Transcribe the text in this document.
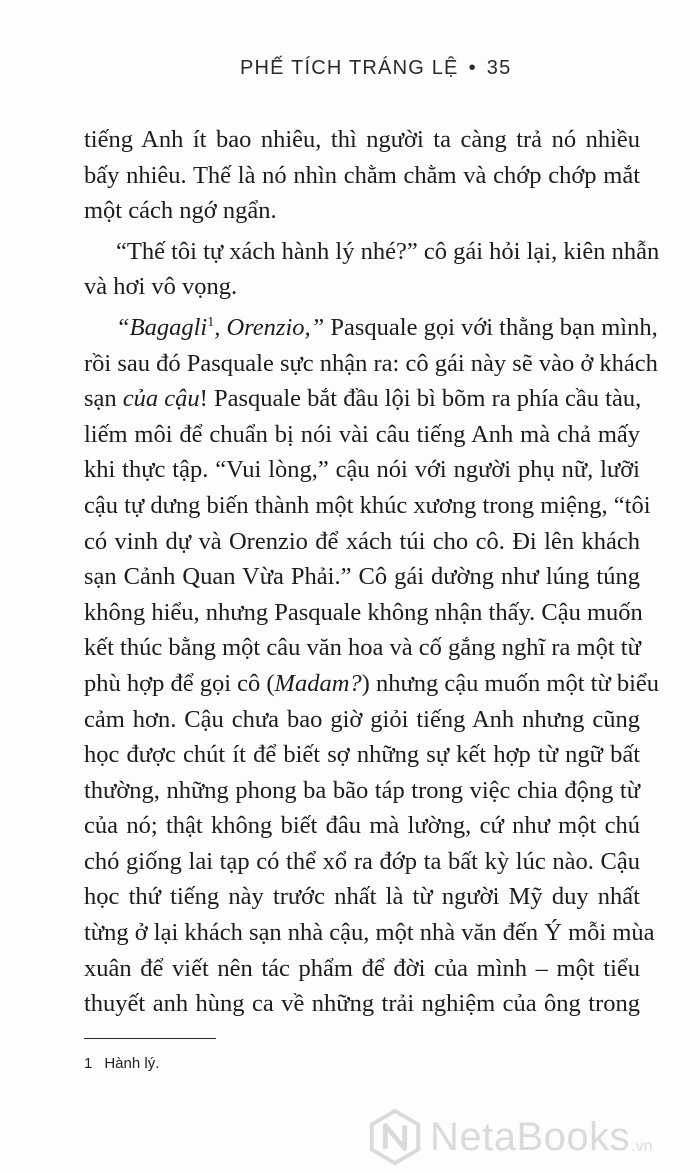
PHẾ TÍCH TRÁNG LỆ • 35

tiếng Anh ít bao nhiêu, thì người ta càng trả nó nhiều
bấy nhiêu. Thế là nó nhìn chằm chằm và chớp chớp mắt
một cách ngớ ngẩn.

“Thế tôi tự xách hành lý nhé?” cô gái hỏi lại, kiên nhẫn
và hơi vô vọng.

“Bagagli$^1$, Orenzio,” Pasquale gọi với thằng bạn mình,
rồi sau đó Pasquale sực nhận ra: cô gái này sẽ vào ở khách
sạn của cậu! Pasquale bắt đầu lội bì bõm ra phía cầu tàu,
liếm môi để chuẩn bị nói vài câu tiếng Anh mà chả mấy
khi thực tập. “Vui lòng,” cậu nói với người phụ nữ, lưỡi
cậu tự dưng biến thành một khúc xương trong miệng, “tôi
có vinh dự và Orenzio để xách túi cho cô. Đi lên khách
sạn Cảnh Quan Vừa Phải.” Cô gái dường như lúng túng
không hiểu, nhưng Pasquale không nhận thấy. Cậu muốn
kết thúc bằng một câu văn hoa và cố gắng nghĩ ra một từ
phù hợp để gọi cô (Madam?) nhưng cậu muốn một từ biểu
cảm hơn. Cậu chưa bao giờ giỏi tiếng Anh nhưng cũng
học được chút ít để biết sợ những sự kết hợp từ ngữ bất
thường, những phong ba bão táp trong việc chia động từ
của nó; thật không biết đâu mà lường, cứ như một chú
chó giống lai tạp có thể xổ ra đớp ta bất kỳ lúc nào. Cậu
học thứ tiếng này trước nhất là từ người Mỹ duy nhất
từng ở lại khách sạn nhà cậu, một nhà văn đến Ý mỗi mùa
xuân để viết nên tác phẩm để đời của mình – một tiểu
thuyết anh hùng ca về những trải nghiệm của ông trong

1 Hành lý.
NetaBooks .vn
